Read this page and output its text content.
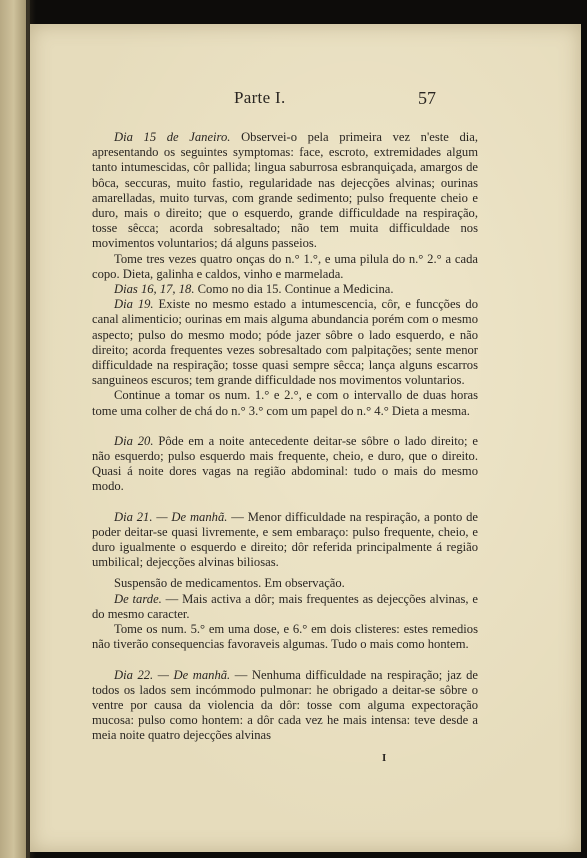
Parte I.	57

Dia 15 de Janeiro. Observei-o pela primeira vez n'este dia, apresentando os seguintes symptomas: face, escroto, extremidades algum tanto intumescidas, côr pallida; lingua saburrosa esbranquiçada, amargos de bôca, seccuras, muito fastio, regularidade nas dejecções alvinas; ourinas amarelladas, muito turvas, com grande sedimento; pulso frequente cheio e duro, mais o direito; que o esquerdo, grande difficuldade na respiração, tosse sêcca; acorda sobresaltado; não tem muita difficuldade nos movimentos voluntarios; dá alguns passeios.

Tome tres vezes quatro onças do n.° 1.°, e uma pilula do n.° 2.° a cada copo. Dieta, galinha e caldos, vinho e marmelada.

Dias 16, 17, 18. Como no dia 15. Continue a Medicina.

Dia 19. Existe no mesmo estado a intumescencia, côr, e funcções do canal alimenticio; ourinas em mais alguma abundancia porém com o mesmo aspecto; pulso do mesmo modo; póde jazer sôbre o lado esquerdo, e não direito; acorda frequentes vezes sobresaltado com palpitações; sente menor difficuldade na respiração; tosse quasi sempre sêcca; lança alguns escarros sanguineos escuros; tem grande difficuldade nos movimentos voluntarios.

Continue a tomar os num. 1.° e 2.°, e com o intervallo de duas horas tome uma colher de chá do n.° 3.° com um papel do n.° 4.° Dieta a mesma.

Dia 20. Pôde em a noite antecedente deitar-se sôbre o lado direito; e não esquerdo; pulso esquerdo mais frequente, cheio, e duro, que o direito. Quasi á noite dores vagas na região abdominal: tudo o mais do mesmo modo.

Dia 21. — De manhã. — Menor difficuldade na respiração, a ponto de poder deitar-se quasi livremente, e sem embaraço: pulso frequente, cheio, e duro igualmente o esquerdo e direito; dôr referida principalmente á região umbilical; dejecções alvinas biliosas.

Suspensão de medicamentos. Em observação.

De tarde. — Mais activa a dôr; mais frequentes as dejecções alvinas, e do mesmo caracter.

Tome os num. 5.° em uma dose, e 6.° em dois clisteres: estes remedios não tiverão consequencias favoraveis algumas. Tudo o mais como hontem.

Dia 22. — De manhã. — Nenhuma difficuldade na respiração; jaz de todos os lados sem incómmodo pulmonar: he obrigado a deitar-se sôbre o ventre por causa da violencia da dôr: tosse com alguma expectoração mucosa: pulso como hontem: a dôr cada vez he mais intensa: teve desde a meia noite quatro dejecções alvinas

I
